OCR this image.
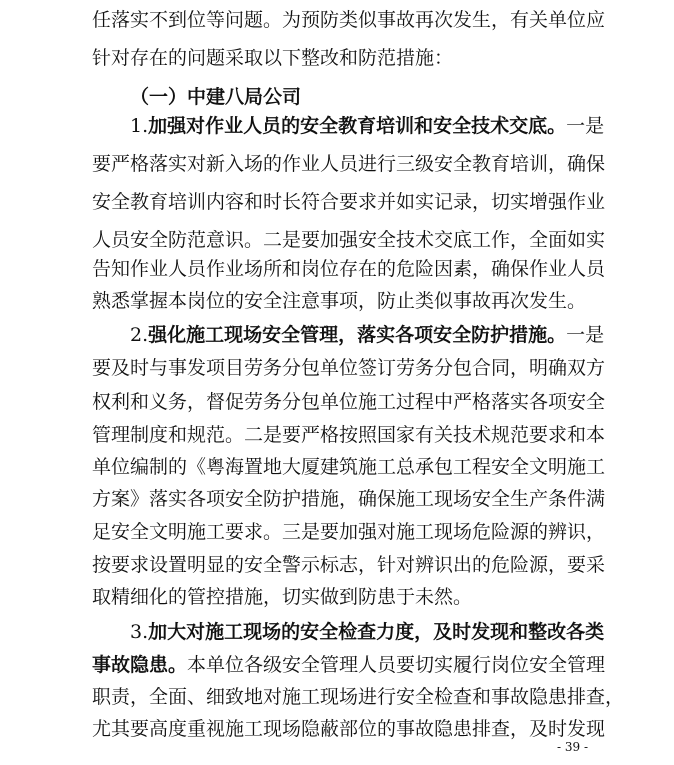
任落实不到位等问题。为预防类似事故再次发生，有关单位应
针对存在的问题采取以下整改和防范措施：
（一）中建八局公司
1.加强对作业人员的安全教育培训和安全技术交底。一是
要严格落实对新入场的作业人员进行三级安全教育培训，确保
安全教育培训内容和时长符合要求并如实记录，切实增强作业
人员安全防范意识。二是要加强安全技术交底工作，全面如实
告知作业人员作业场所和岗位存在的危险因素，确保作业人员
熟悉掌握本岗位的安全注意事项，防止类似事故再次发生。
2.强化施工现场安全管理，落实各项安全防护措施。一是
要及时与事发项目劳务分包单位签订劳务分包合同，明确双方
权利和义务，督促劳务分包单位施工过程中严格落实各项安全
管理制度和规范。二是要严格按照国家有关技术规范要求和本
单位编制的《粤海置地大厦建筑施工总承包工程安全文明施工
方案》落实各项安全防护措施，确保施工现场安全生产条件满
足安全文明施工要求。三是要加强对施工现场危险源的辨识，
按要求设置明显的安全警示标志，针对辨识出的危险源，要采
取精细化的管控措施，切实做到防患于未然。
3.加大对施工现场的安全检查力度，及时发现和整改各类
事故隐患。本单位各级安全管理人员要切实履行岗位安全管理
职责，全面、细致地对施工现场进行安全检查和事故隐患排查，
尤其要高度重视施工现场隐蔽部位的事故隐患排查，及时发现
- 39 -
